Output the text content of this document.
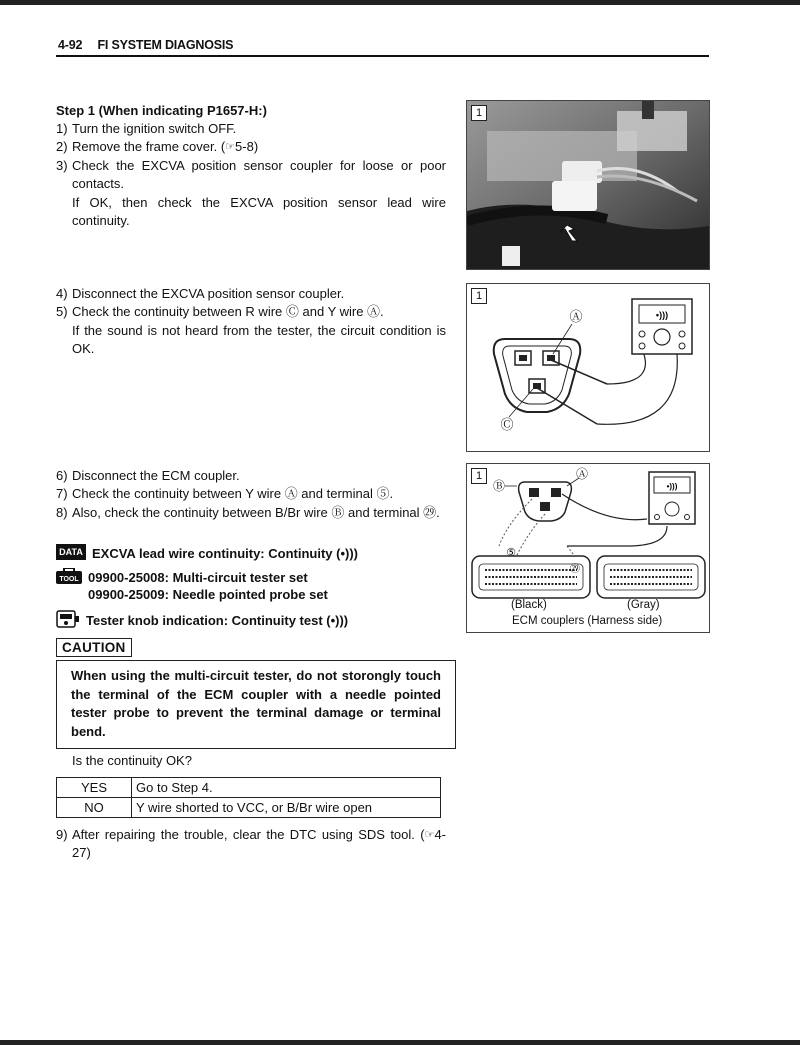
4-92 FI SYSTEM DIAGNOSIS
Step 1 (When indicating P1657-H:)
1) Turn the ignition switch OFF.
2) Remove the frame cover. (☞5-8)
3) Check the EXCVA position sensor coupler for loose or poor contacts.
If OK, then check the EXCVA position sensor lead wire continuity.
4) Disconnect the EXCVA position sensor coupler.
5) Check the continuity between R wire Ⓒ and Y wire Ⓐ.
If the sound is not heard from the tester, the circuit condition is OK.
6) Disconnect the ECM coupler.
7) Check the continuity between Y wire Ⓐ and terminal ⑤.
8) Also, check the continuity between B/Br wire Ⓑ and terminal ㉙.
DATA EXCVA lead wire continuity: Continuity (•)))
TOOL 09900-25008: Multi-circuit tester set
09900-25009: Needle pointed probe set
Tester knob indication: Continuity test (•)))
CAUTION
When using the multi-circuit tester, do not storongly touch the terminal of the ECM coupler with a needle pointed tester probe to prevent the terminal damage or terminal bend.
Is the continuity OK?
YES	Go to Step 4.
NO	Y wire shorted to VCC, or B/Br wire open
9) After repairing the trouble, clear the DTC using SDS tool. (☞4-27)
1
1
•)))
Ⓐ
Ⓒ
1
•)))
Ⓐ
Ⓑ
⑤
㉙
(Black)	(Gray)
ECM couplers (Harness side)
